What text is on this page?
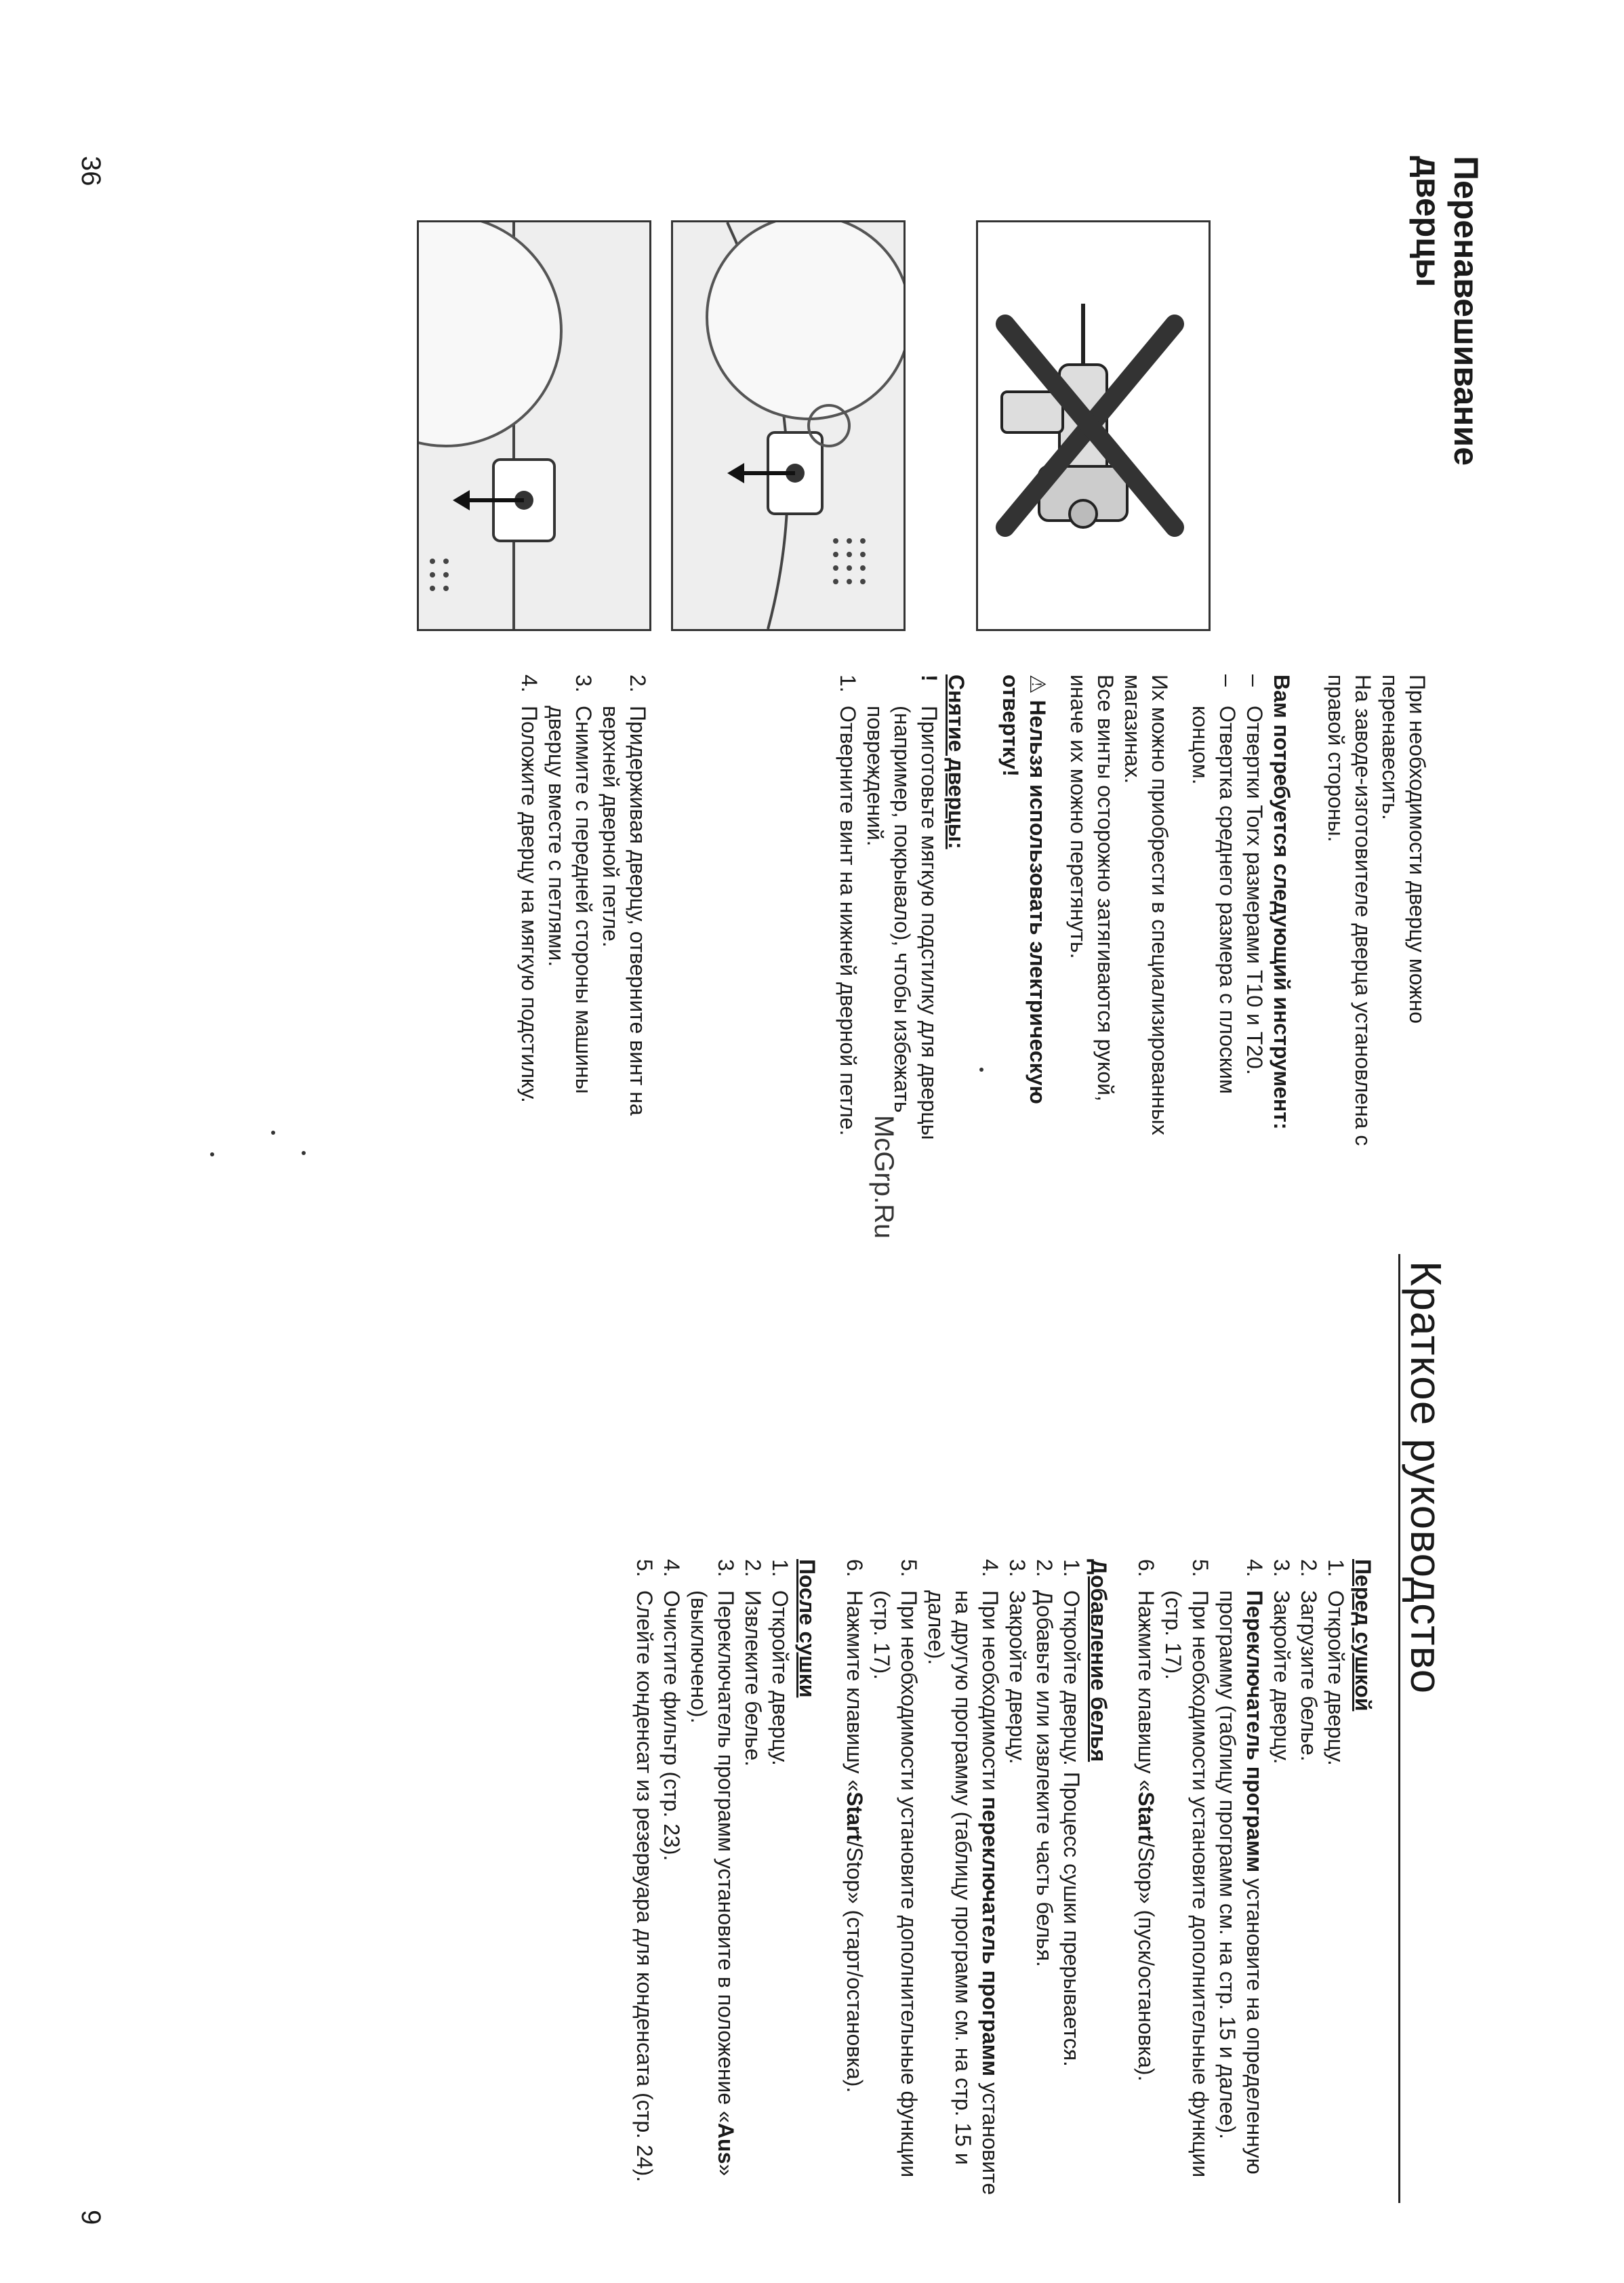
36	Перенавешивание
дверцы

При необходимости дверцу можно перенавесить.

На заводе-изготовителе дверца установлена с правой стороны.

Вам потребуется следующий инструмент:

–
Отвертки Torx размерами T10 и T20.
–
Отвертка среднего размера с плоским концом.

Их можно приобрести в специализированных магазинах.

Все винты осторожно затягиваются рукой, иначе их можно перетянуть.

⚠ Нельзя использовать электрическую отвертку!

Снятие дверцы:

!
Приготовьте мягкую подстилку для дверцы (например, покрывало), чтобы избежать повреждений.
1.
Отверните винт на нижней дверной петле.
2.
Придерживая дверцу, отверните винт на верхней дверной петле.
3.
Снимите с передней стороны машины дверцу вместе с петлями.
4.
Положите дверцу на мягкую подстилку.
McGrp.Ru
Краткое руководство

Перед сушкой

1.
Откройте дверцу.
2.
Загрузите белье.
3.
Закройте дверцу.
4.
Переключатель программ установите на определенную программу (таблицу программ см. на стр. 15 и далее).
5.
При необходимости установите дополнительные функции (стр. 17).
6.
Нажмите клавишу «Start/Stop» (пуск/остановка).

Добавление белья

1.
Откройте дверцу. Процесс сушки прерывается.
2.
Добавьте или извлеките часть белья.
3.
Закройте дверцу.
4.
При необходимости переключатель программ установите на другую программу (таблицу программ см. на стр. 15 и далее).
5.
При необходимости установите дополнительные функции (стр. 17).
6.
Нажмите клавишу «Start/Stop» (старт/остановка).

После сушки

1.
Откройте дверцу.
2.
Извлеките белье.
3.
Переключатель программ установите в положение «Aus» (выключено).
4.
Очистите фильтр (стр. 23).
5.
Слейте конденсат из резервуара для конденсата (стр. 24).
9
